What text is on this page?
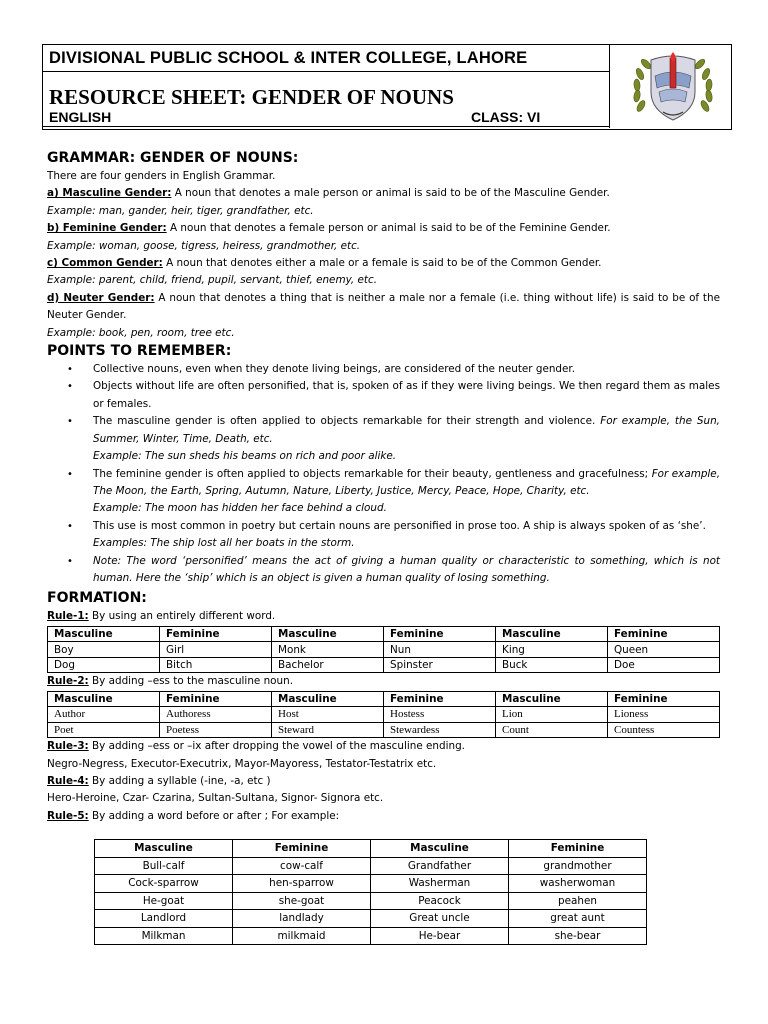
DIVISIONAL PUBLIC SCHOOL & INTER COLLEGE, LAHORE
RESOURCE SHEET: GENDER OF NOUNS
ENGLISH	CLASS: VI
GRAMMAR: GENDER OF NOUNS:

There are four genders in English Grammar.

a) Masculine Gender: A noun that denotes a male person or animal is said to be of the Masculine Gender.

Example: man, gander, heir, tiger, grandfather, etc.

b) Feminine Gender: A noun that denotes a female person or animal is said to be of the Feminine Gender.

Example: woman, goose, tigress, heiress, grandmother, etc.

c) Common Gender: A noun that denotes either a male or a female is said to be of the Common Gender.

Example: parent, child, friend, pupil, servant, thief, enemy, etc.

d) Neuter Gender: A noun that denotes a thing that is neither a male nor a female (i.e. thing without life) is said to be of the Neuter Gender.

Example: book, pen, room, tree etc.

POINTS TO REMEMBER:
• Collective nouns, even when they denote living beings, are considered of the neuter gender.
• Objects without life are often personified, that is, spoken of as if they were living beings. We then regard them as males or females.
• The masculine gender is often applied to objects remarkable for their strength and violence. For example, the Sun, Summer, Winter, Time, Death, etc.
Example: The sun sheds his beams on rich and poor alike.
• The feminine gender is often applied to objects remarkable for their beauty, gentleness and gracefulness; For example, The Moon, the Earth, Spring, Autumn, Nature, Liberty, Justice, Mercy, Peace, Hope, Charity, etc.
Example: The moon has hidden her face behind a cloud.
• This use is most common in poetry but certain nouns are personified in prose too. A ship is always spoken of as ‘she’.
Examples: The ship lost all her boats in the storm.
• Note: The word ‘personified’ means the act of giving a human quality or characteristic to something, which is not human. Here the ‘ship’ which is an object is given a human quality of losing something.
FORMATION:

Rule-1: By using an entirely different word.

Masculine	Feminine	Masculine	Feminine	Masculine	Feminine
Boy	Girl	Monk	Nun	King	Queen
Dog	Bitch	Bachelor	Spinster	Buck	Doe

Rule-2: By adding –ess to the masculine noun.

Masculine	Feminine	Masculine	Feminine	Masculine	Feminine
Author	Authoress	Host	Hostess	Lion	Lioness
Poet	Poetess	Steward	Stewardess	Count	Countess

Rule-3: By adding –ess or –ix after dropping the vowel of the masculine ending.

Negro-Negress, Executor-Executrix, Mayor-Mayoress, Testator-Testatrix etc.

Rule-4: By adding a syllable (-ine, -a, etc )

Hero-Heroine, Czar- Czarina, Sultan-Sultana, Signor- Signora etc.

Rule-5: By adding a word before or after ; For example:

Masculine	Feminine	Masculine	Feminine
Bull-calf	cow-calf	Grandfather	grandmother
Cock-sparrow	hen-sparrow	Washerman	washerwoman
He-goat	she-goat	Peacock	peahen
Landlord	landlady	Great uncle	great aunt
Milkman	milkmaid	He-bear	she-bear
